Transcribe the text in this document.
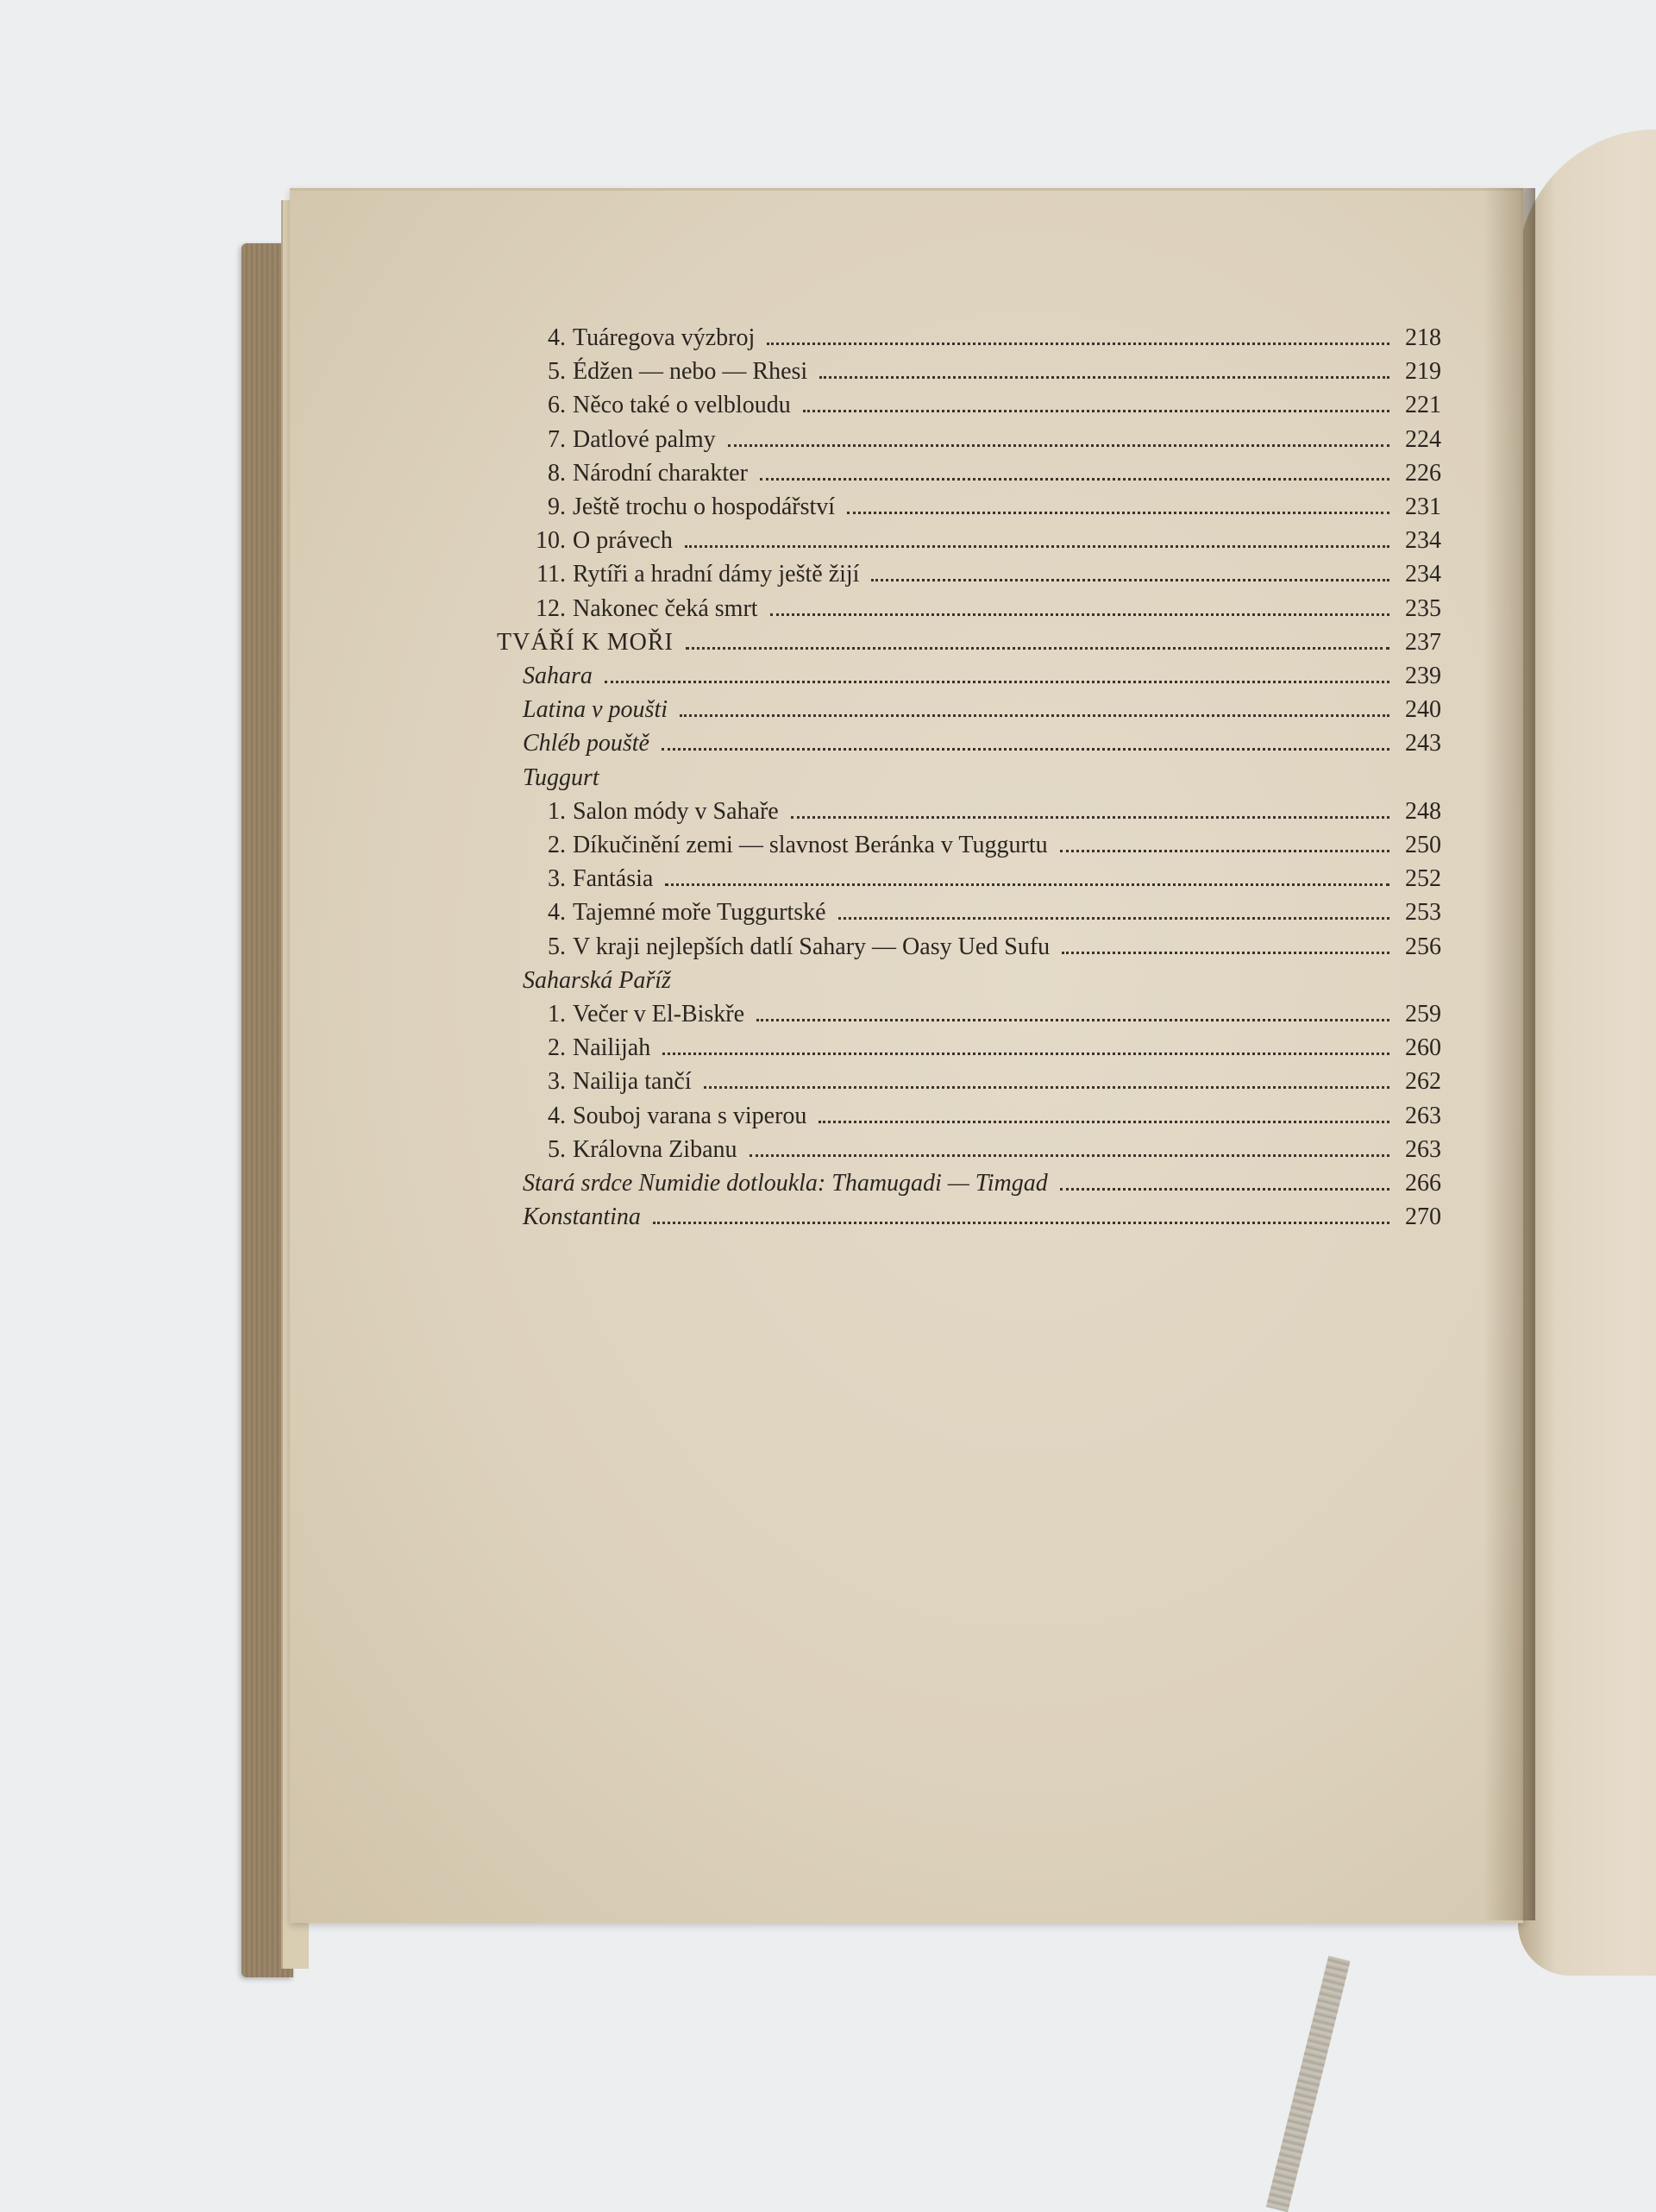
4. Tuáregova výzbroj	218
5. Édžen — nebo — Rhesi	219
6. Něco také o velbloudu	221
7. Datlové palmy	224
8. Národní charakter	226
9. Ještě trochu o hospodářství	231
10. O právech	234
11. Rytíři a hradní dámy ještě žijí	234
12. Nakonec čeká smrt	235
TVÁŘÍ K MOŘI	237
Sahara	239
Latina v poušti	240
Chléb pouště	243
Tuggurt
1. Salon módy v Sahaře	248
2. Díkučinění zemi — slavnost Beránka v Tuggurtu	250
3. Fantásia	252
4. Tajemné moře Tuggurtské	253
5. V kraji nejlepších datlí Sahary — Oasy Ued Sufu	256
Saharská Paříž
1. Večer v El-Biskře	259
2. Nailijah	260
3. Nailija tančí	262
4. Souboj varana s viperou	263
5. Královna Zibanu	263
Stará srdce Numidie dotloukla: Thamugadi — Timgad	266
Konstantina	270
